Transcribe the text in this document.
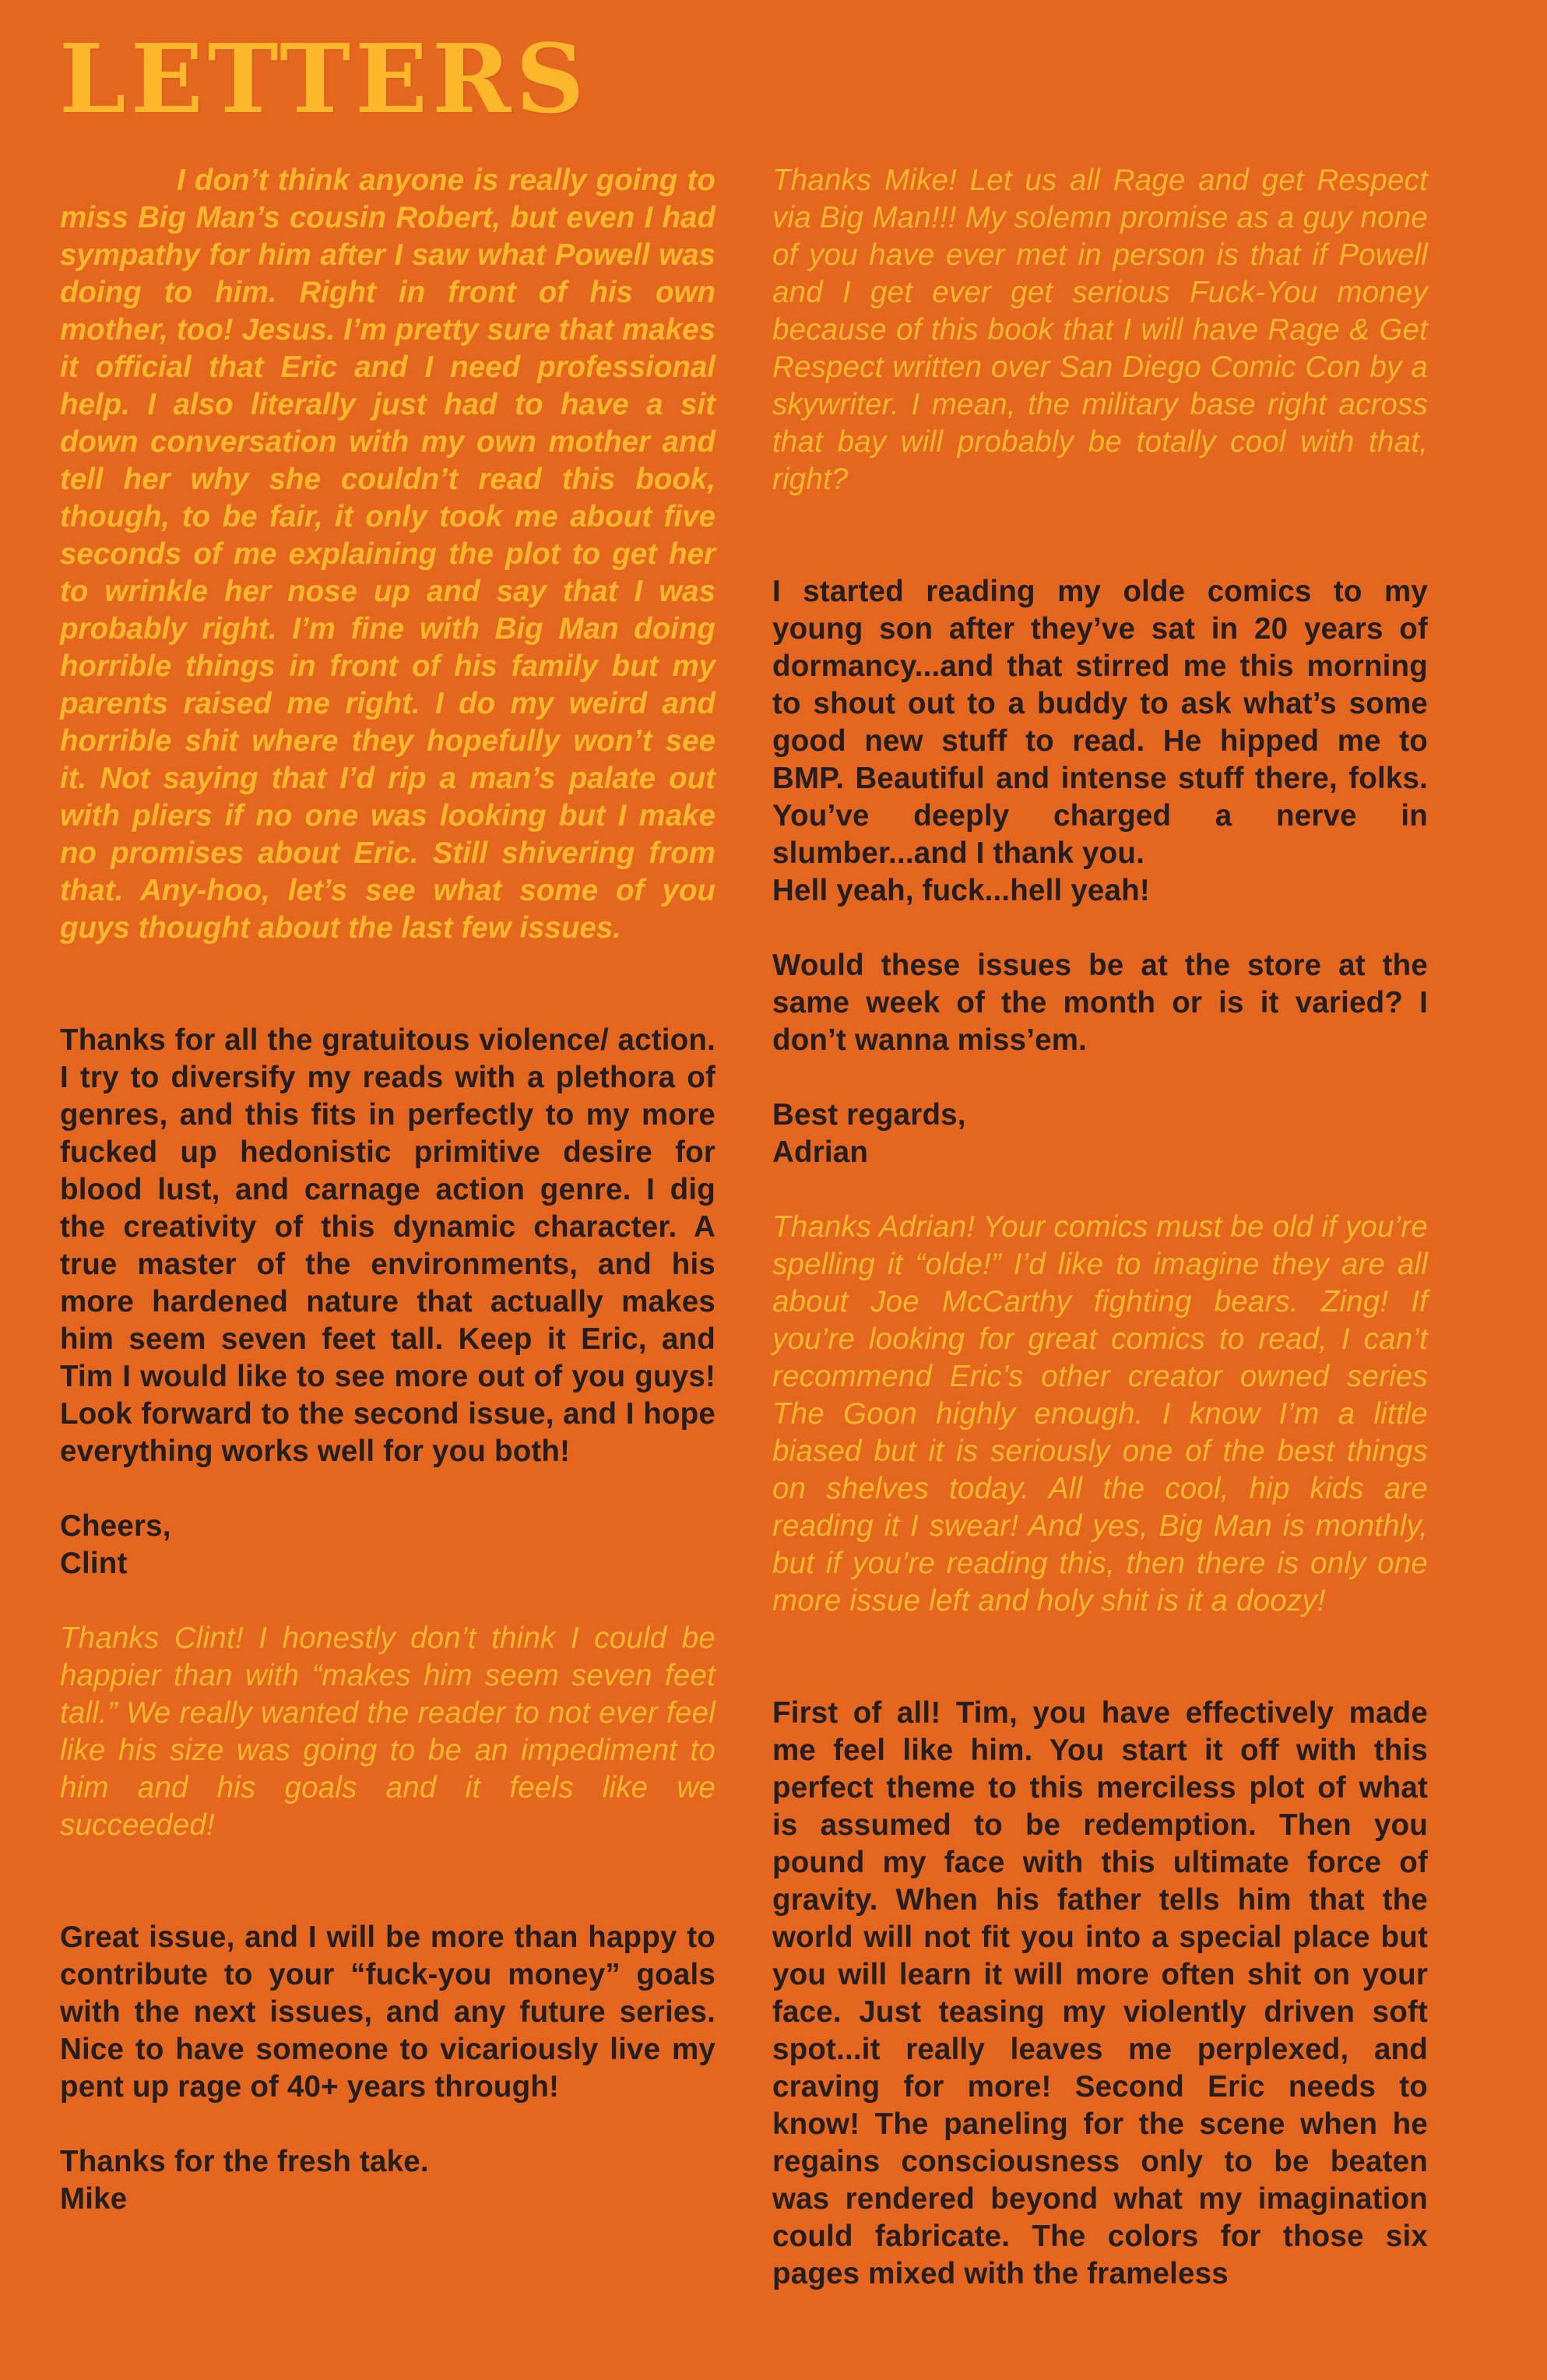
LETTERS

I don’t think anyone is really going to miss Big Man’s cousin Robert, but even I had sympathy for him after I saw what Powell was doing to him. Right in front of his own mother, too! Jesus. I’m pretty sure that makes it official that Eric and I need professional help. I also literally just had to have a sit down conversation with my own mother and tell her why she couldn’t read this book, though, to be fair, it only took me about five seconds of me explaining the plot to get her to wrinkle her nose up and say that I was probably right. I’m fine with Big Man doing horrible things in front of his family but my parents raised me right. I do my weird and horrible shit where they hopefully won’t see it. Not saying that I’d rip a man’s palate out with pliers if no one was looking but I make no promises about Eric. Still shivering from that. Any-hoo, let’s see what some of you guys thought about the last few issues.

Thanks for all the gratuitous violence/ action. I try to diversify my reads with a plethora of genres, and this fits in perfectly to my more fucked up hedonistic primitive desire for blood lust, and carnage action genre. I dig the creativity of this dynamic character. A true master of the environments, and his more hardened nature that actually makes him seem seven feet tall. Keep it Eric, and Tim I would like to see more out of you guys! Look forward to the second issue, and I hope everything works well for you both!

Cheers,

Clint

Thanks Clint! I honestly don’t think I could be happier than with “makes him seem seven feet tall.” We really wanted the reader to not ever feel like his size was going to be an impediment to him and his goals and it feels like we succeeded!

Great issue, and I will be more than happy to contribute to your “fuck-you money” goals with the next issues, and any future series. Nice to have someone to vicariously live my pent up rage of 40+ years through!

Thanks for the fresh take.

Mike

Thanks Mike! Let us all Rage and get Respect via Big Man!!! My solemn promise as a guy none of you have ever met in person is that if Powell and I get ever get serious Fuck-You money because of this book that I will have Rage & Get Respect written over San Diego Comic Con by a skywriter. I mean, the military base right across that bay will probably be totally cool with that, right?

I started reading my olde comics to my young son after they’ve sat in 20 years of dormancy...and that stirred me this morning to shout out to a buddy to ask what’s some good new stuff to read. He hipped me to BMP. Beautiful and intense stuff there, folks. You’ve deeply charged a nerve in slumber...and I thank you.

Hell yeah, fuck...hell yeah!

Would these issues be at the store at the same week of the month or is it varied? I don’t wanna miss’em.

Best regards,

Adrian

Thanks Adrian! Your comics must be old if you’re spelling it “olde!” I’d like to imagine they are all about Joe McCarthy fighting bears. Zing! If you’re looking for great comics to read, I can’t recommend Eric’s other creator owned series The Goon highly enough. I know I’m a little biased but it is seriously one of the best things on shelves today. All the cool, hip kids are reading it I swear! And yes, Big Man is monthly, but if you’re reading this, then there is only one more issue left and holy shit is it a doozy!

First of all! Tim, you have effectively made me feel like him. You start it off with this perfect theme to this merciless plot of what is assumed to be redemption. Then you pound my face with this ultimate force of gravity. When his father tells him that the world will not fit you into a special place but you will learn it will more often shit on your face. Just teasing my violently driven soft spot...it really leaves me perplexed, and craving for more! Second Eric needs to know! The paneling for the scene when he regains consciousness only to be beaten was rendered beyond what my imagination could fabricate. The colors for those six pages mixed with the frameless
